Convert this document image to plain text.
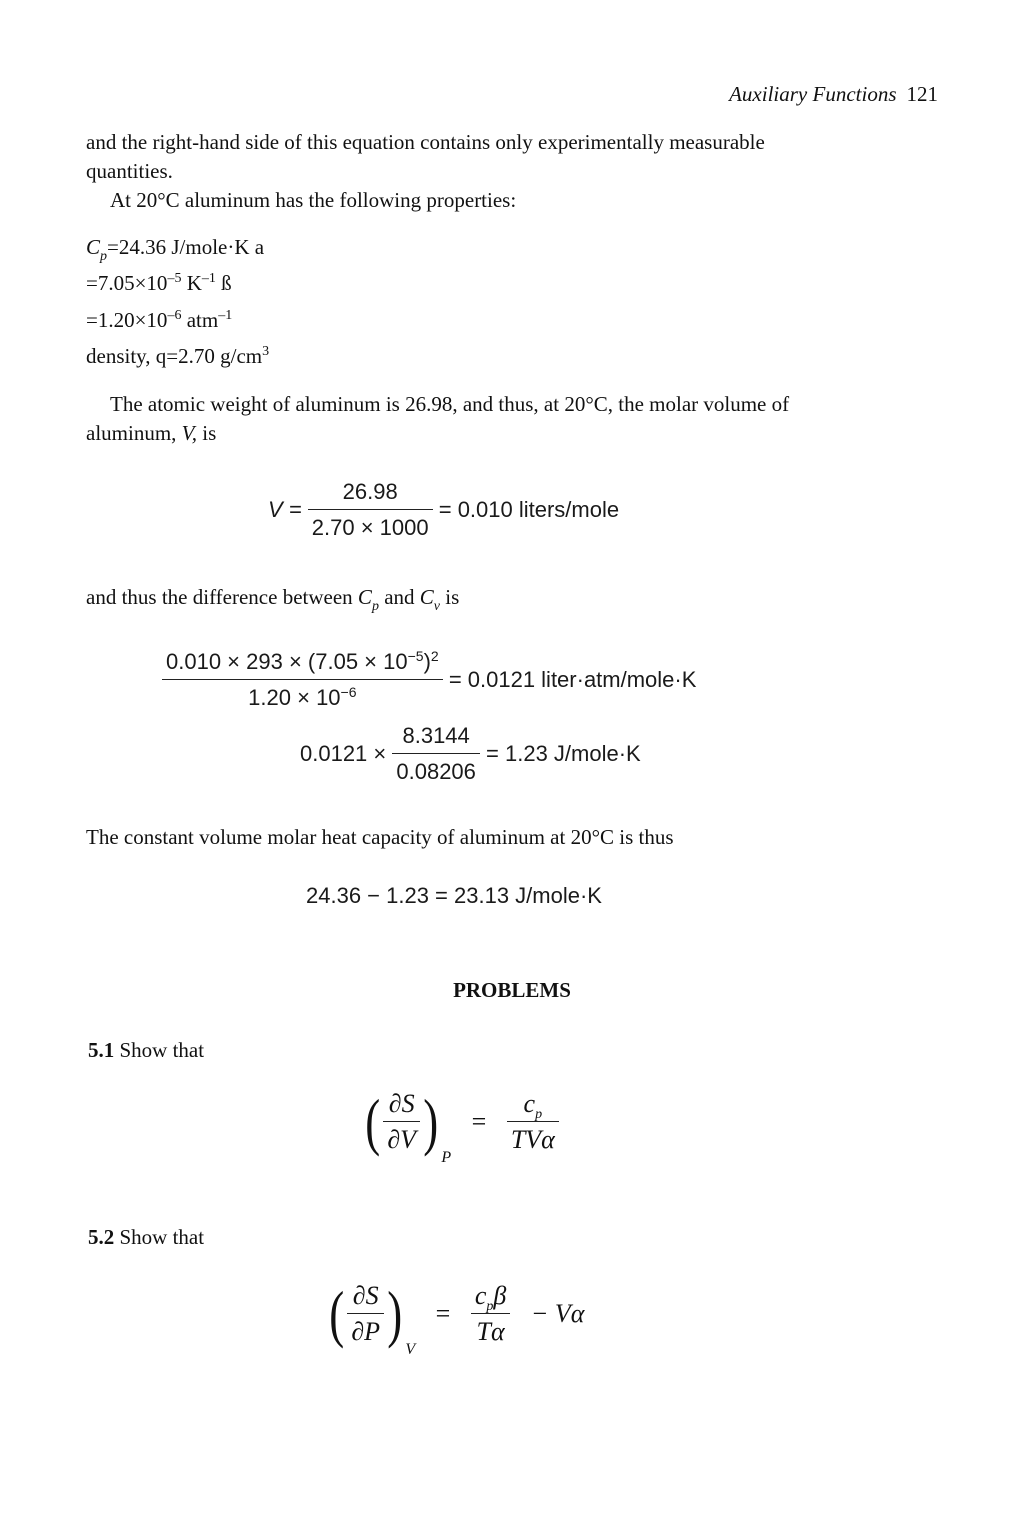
Auxiliary Functions 121
and the right-hand side of this equation contains only experimentally measurable
quantities.
At 20°C aluminum has the following properties:
$C_p=24.36$ J/mole·K a
$=7.05\times 10^{-5}$ $K^{-1}$ ß
$=1.20\times 10^{-6}$ atm$^{-1}$
density, q=2.70 $g/cm^3$
The atomic weight of aluminum is 26.98, and thus, at 20°C, the molar volume of
aluminum, V, is
$V = \frac{26.98}{2.70 \times 1000} = 0.010$ liters/mole
and thus the difference between $C_p$ and $C_v$ is
$\frac{0.010 \times 293 \times (7.05 \times 10^{-5})^2}{1.20 \times 10^{-6}} = 0.0121$ liter·atm/mole·K
$0.0121 \times \frac{8.3144}{0.08206} = 1.23$ J/mole·K
The constant volume molar heat capacity of aluminum at 20°C is thus
24.36 − 1.23 = 23.13 J/mole·K
PROBLEMS
5.1 Show that
( $\frac{\partial S}{\partial V} )P = \frac{c_p}{\text{TVα}}$
5.2 Show that
( $\frac{\partial S}{\partial P} )V = \frac{c_p\beta}{T\alpha} - V\alpha$
